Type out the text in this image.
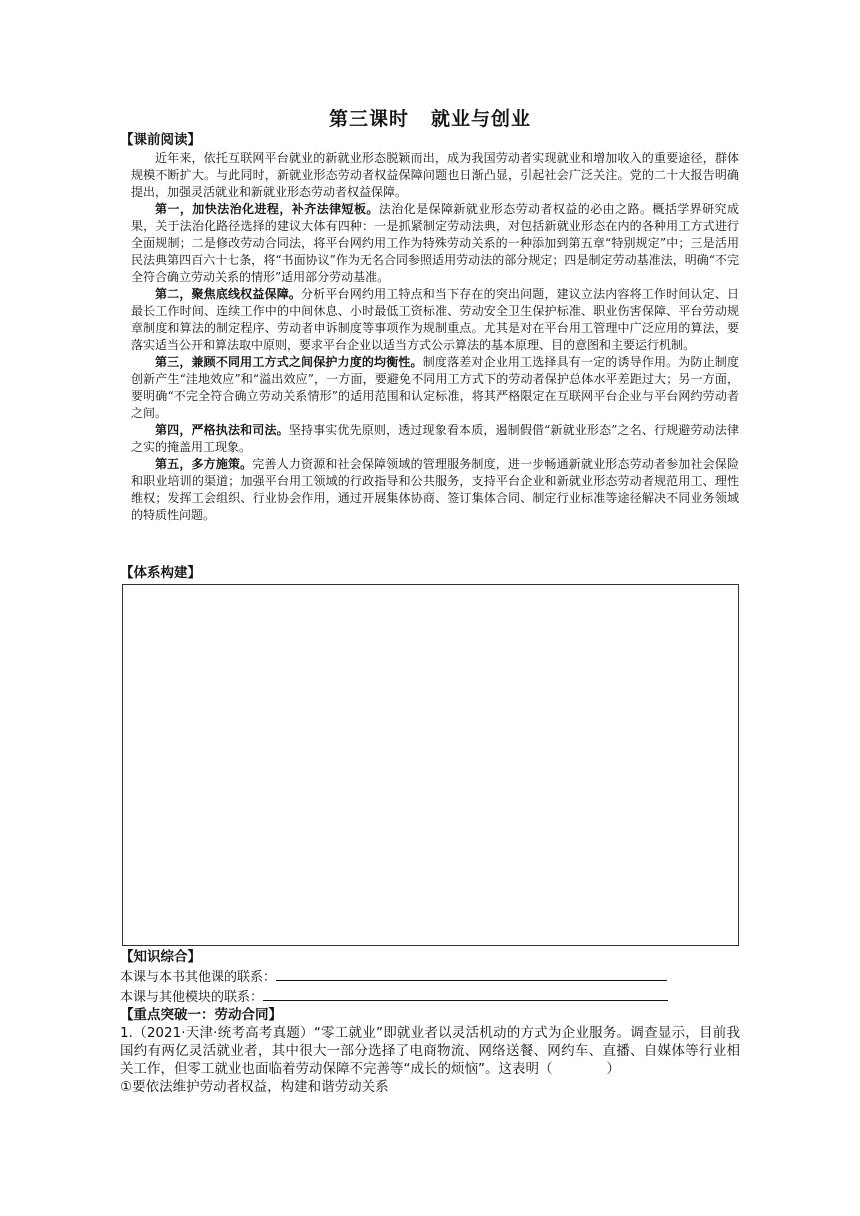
第三课时 就业与创业
【课前阅读】

近年来，依托互联网平台就业的新就业形态脱颖而出，成为我国劳动者实现就业和增加收入的重要途径，群体规模不断扩大。与此同时，新就业形态劳动者权益保障问题也日渐凸显，引起社会广泛关注。党的二十大报告明确提出，加强灵活就业和新就业形态劳动者权益保障。

第一，加快法治化进程，补齐法律短板。法治化是保障新就业形态劳动者权益的必由之路。概括学界研究成果，关于法治化路径选择的建议大体有四种：一是抓紧制定劳动法典，对包括新就业形态在内的各种用工方式进行全面规制；二是修改劳动合同法，将平台网约用工作为特殊劳动关系的一种添加到第五章“特别规定”中；三是活用民法典第四百六十七条，将“书面协议”作为无名合同参照适用劳动法的部分规定；四是制定劳动基准法，明确“不完全符合确立劳动关系的情形”适用部分劳动基准。

第二，聚焦底线权益保障。分析平台网约用工特点和当下存在的突出问题，建议立法内容将工作时间认定、日最长工作时间、连续工作中的中间休息、小时最低工资标准、劳动安全卫生保护标准、职业伤害保障、平台劳动规章制度和算法的制定程序、劳动者申诉制度等事项作为规制重点。尤其是对在平台用工管理中广泛应用的算法，要落实适当公开和算法取中原则，要求平台企业以适当方式公示算法的基本原理、目的意图和主要运行机制。

第三，兼顾不同用工方式之间保护力度的均衡性。制度落差对企业用工选择具有一定的诱导作用。为防止制度创新产生“洼地效应”和“溢出效应”，一方面，要避免不同用工方式下的劳动者保护总体水平差距过大；另一方面，要明确“不完全符合确立劳动关系情形”的适用范围和认定标准，将其严格限定在互联网平台企业与平台网约劳动者之间。

第四，严格执法和司法。坚持事实优先原则，透过现象看本质，遏制假借“新就业形态”之名、行规避劳动法律之实的掩盖用工现象。

第五，多方施策。完善人力资源和社会保障领域的管理服务制度，进一步畅通新就业形态劳动者参加社会保险和职业培训的渠道；加强平台用工领域的行政指导和公共服务，支持平台企业和新就业形态劳动者规范用工、理性维权；发挥工会组织、行业协会作用，通过开展集体协商、签订集体合同、制定行业标准等途径解决不同业务领域的特质性问题。

【体系构建】
【知识综合】
本课与本书其他课的联系：
本课与其他模块的联系：
【重点突破一：劳动合同】

1.（2021·天津·统考高考真题）“零工就业”即就业者以灵活机动的方式为企业服务。调查显示，目前我国约有两亿灵活就业者，其中很大一部分选择了电商物流、网络送餐、网约车、直播、自媒体等行业相关工作，但零工就业也面临着劳动保障不完善等“成长的烦恼”。这表明（　　　　）

①要依法维护劳动者权益，构建和谐劳动关系
